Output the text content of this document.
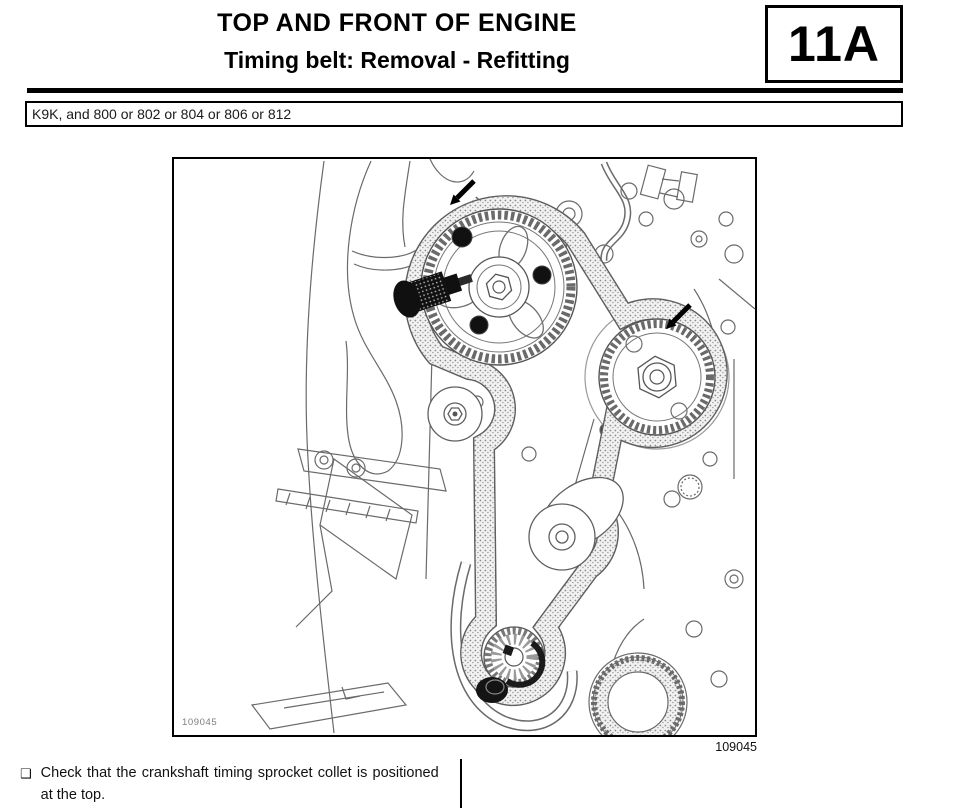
TOP AND FRONT OF ENGINE
Timing belt: Removal - Refitting	11A
K9K, and 800 or 802 or 804 or 806 or 812
109045
109045
❑ Check that the crankshaft timing sprocket collet is positioned at the top.
